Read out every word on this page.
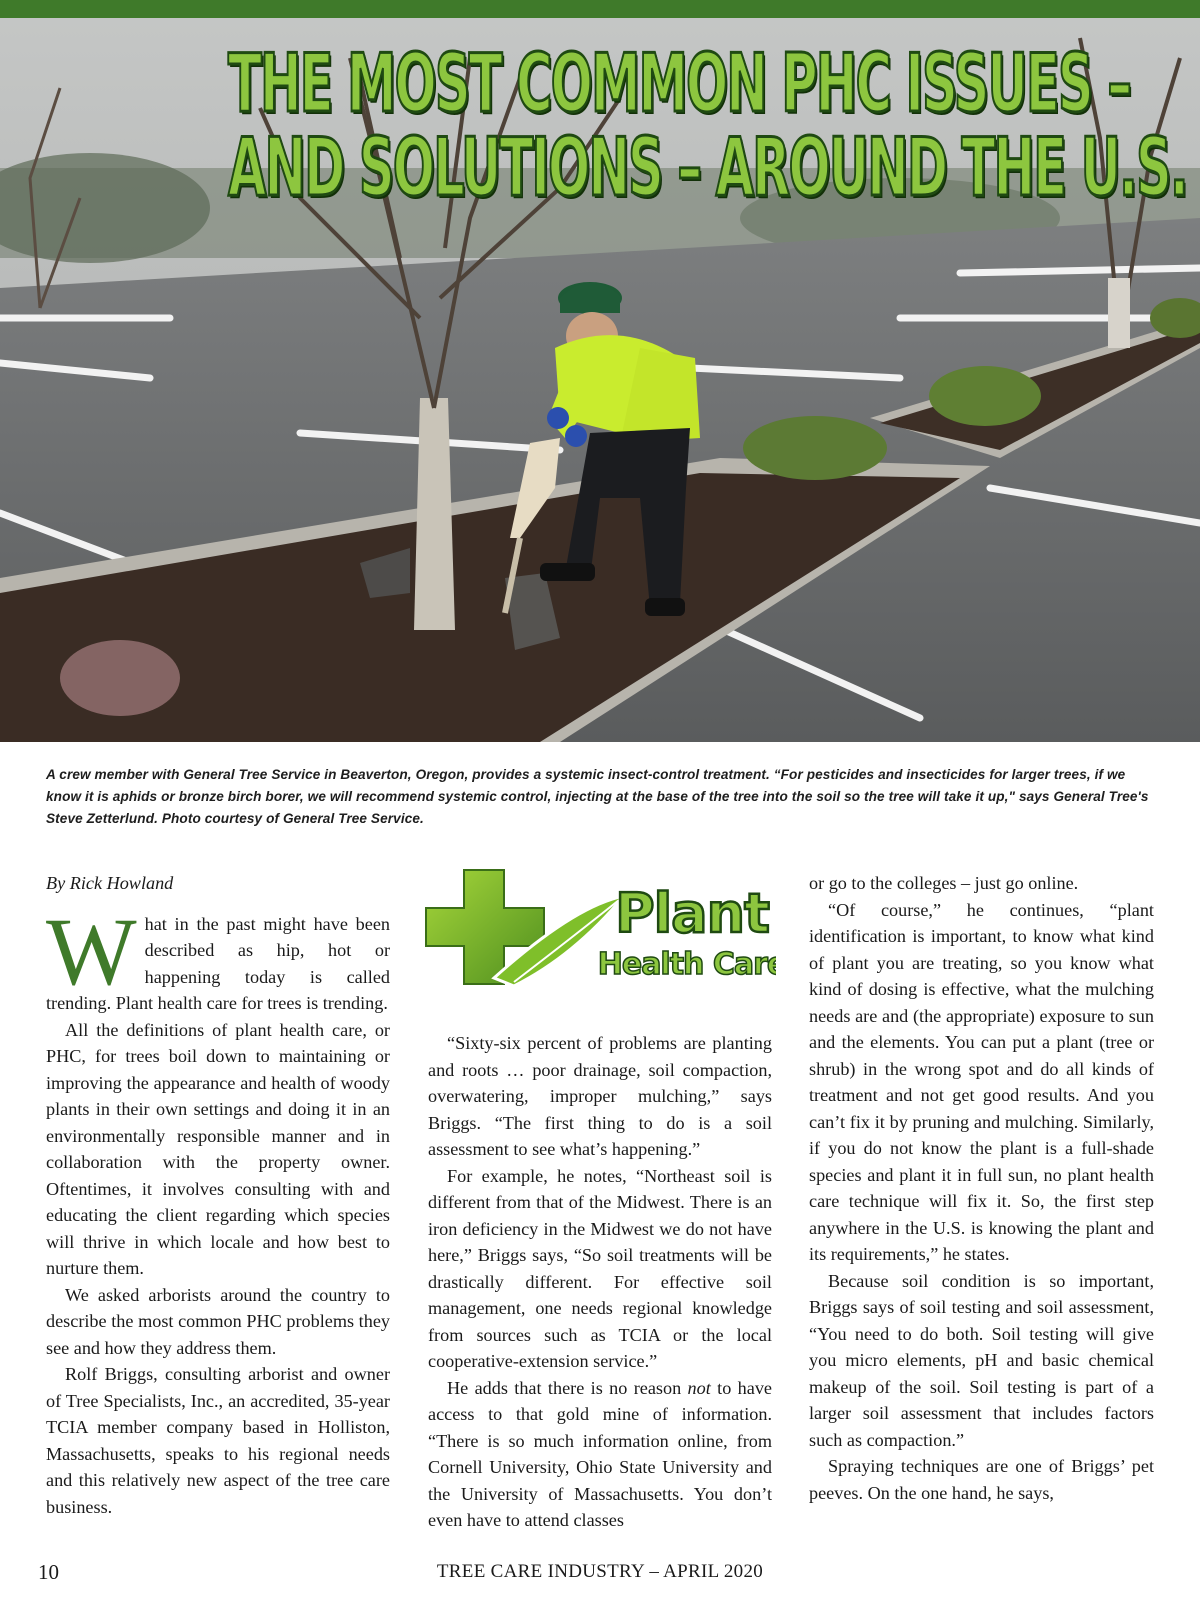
THE MOST COMMON PHC ISSUES –
AND SOLUTIONS – AROUND THE U.S.
A crew member with General Tree Service in Beaverton, Oregon, provides a systemic insect-control treatment. “For pesticides and insecticides for larger trees, if we know it is aphids or bronze birch borer, we will recommend systemic control, injecting at the base of the tree into the soil so the tree will take it up," says General Tree's Steve Zetterlund. Photo courtesy of General Tree Service.

By Rick Howland

What in the past might have been described as hip, hot or happening today is called trending. Plant health care for trees is trending.

All the definitions of plant health care, or PHC, for trees boil down to maintaining or improving the appearance and health of woody plants in their own settings and doing it in an environmentally responsible manner and in collaboration with the property owner. Oftentimes, it involves consulting with and educating the client regarding which species will thrive in which locale and how best to nurture them.

We asked arborists around the country to describe the most common PHC problems they see and how they address them.

Rolf Briggs, consulting arborist and owner of Tree Specialists, Inc., an accredited, 35-year TCIA member company based in Holliston, Massachusetts, speaks to his regional needs and this relatively new aspect of the tree care business.

Plant
Health Care

“Sixty-six percent of problems are planting and roots … poor drainage, soil compaction, overwatering, improper mulching,” says Briggs. “The first thing to do is a soil assessment to see what’s happening.”

For example, he notes, “Northeast soil is different from that of the Midwest. There is an iron deficiency in the Midwest we do not have here,” Briggs says, “So soil treatments will be drastically different. For effective soil management, one needs regional knowledge from sources such as TCIA or the local cooperative-extension service.”

He adds that there is no reason not to have access to that gold mine of information. “There is so much information online, from Cornell University, Ohio State University and the University of Massachusetts. You don’t even have to attend classes

or go to the colleges – just go online.

“Of course,” he continues, “plant identification is important, to know what kind of plant you are treating, so you know what kind of dosing is effective, what the mulching needs are and (the appropriate) exposure to sun and the elements. You can put a plant (tree or shrub) in the wrong spot and do all kinds of treatment and not get good results. And you can’t fix it by pruning and mulching. Similarly, if you do not know the plant is a full-shade species and plant it in full sun, no plant health care technique will fix it. So, the first step anywhere in the U.S. is knowing the plant and its requirements,” he states.

Because soil condition is so important, Briggs says of soil testing and soil assessment, “You need to do both. Soil testing will give you micro elements, pH and basic chemical makeup of the soil. Soil testing is part of a larger soil assessment that includes factors such as compaction.”

Spraying techniques are one of Briggs’ pet peeves. On the one hand, he says,

10	TREE CARE INDUSTRY – APRIL 2020
